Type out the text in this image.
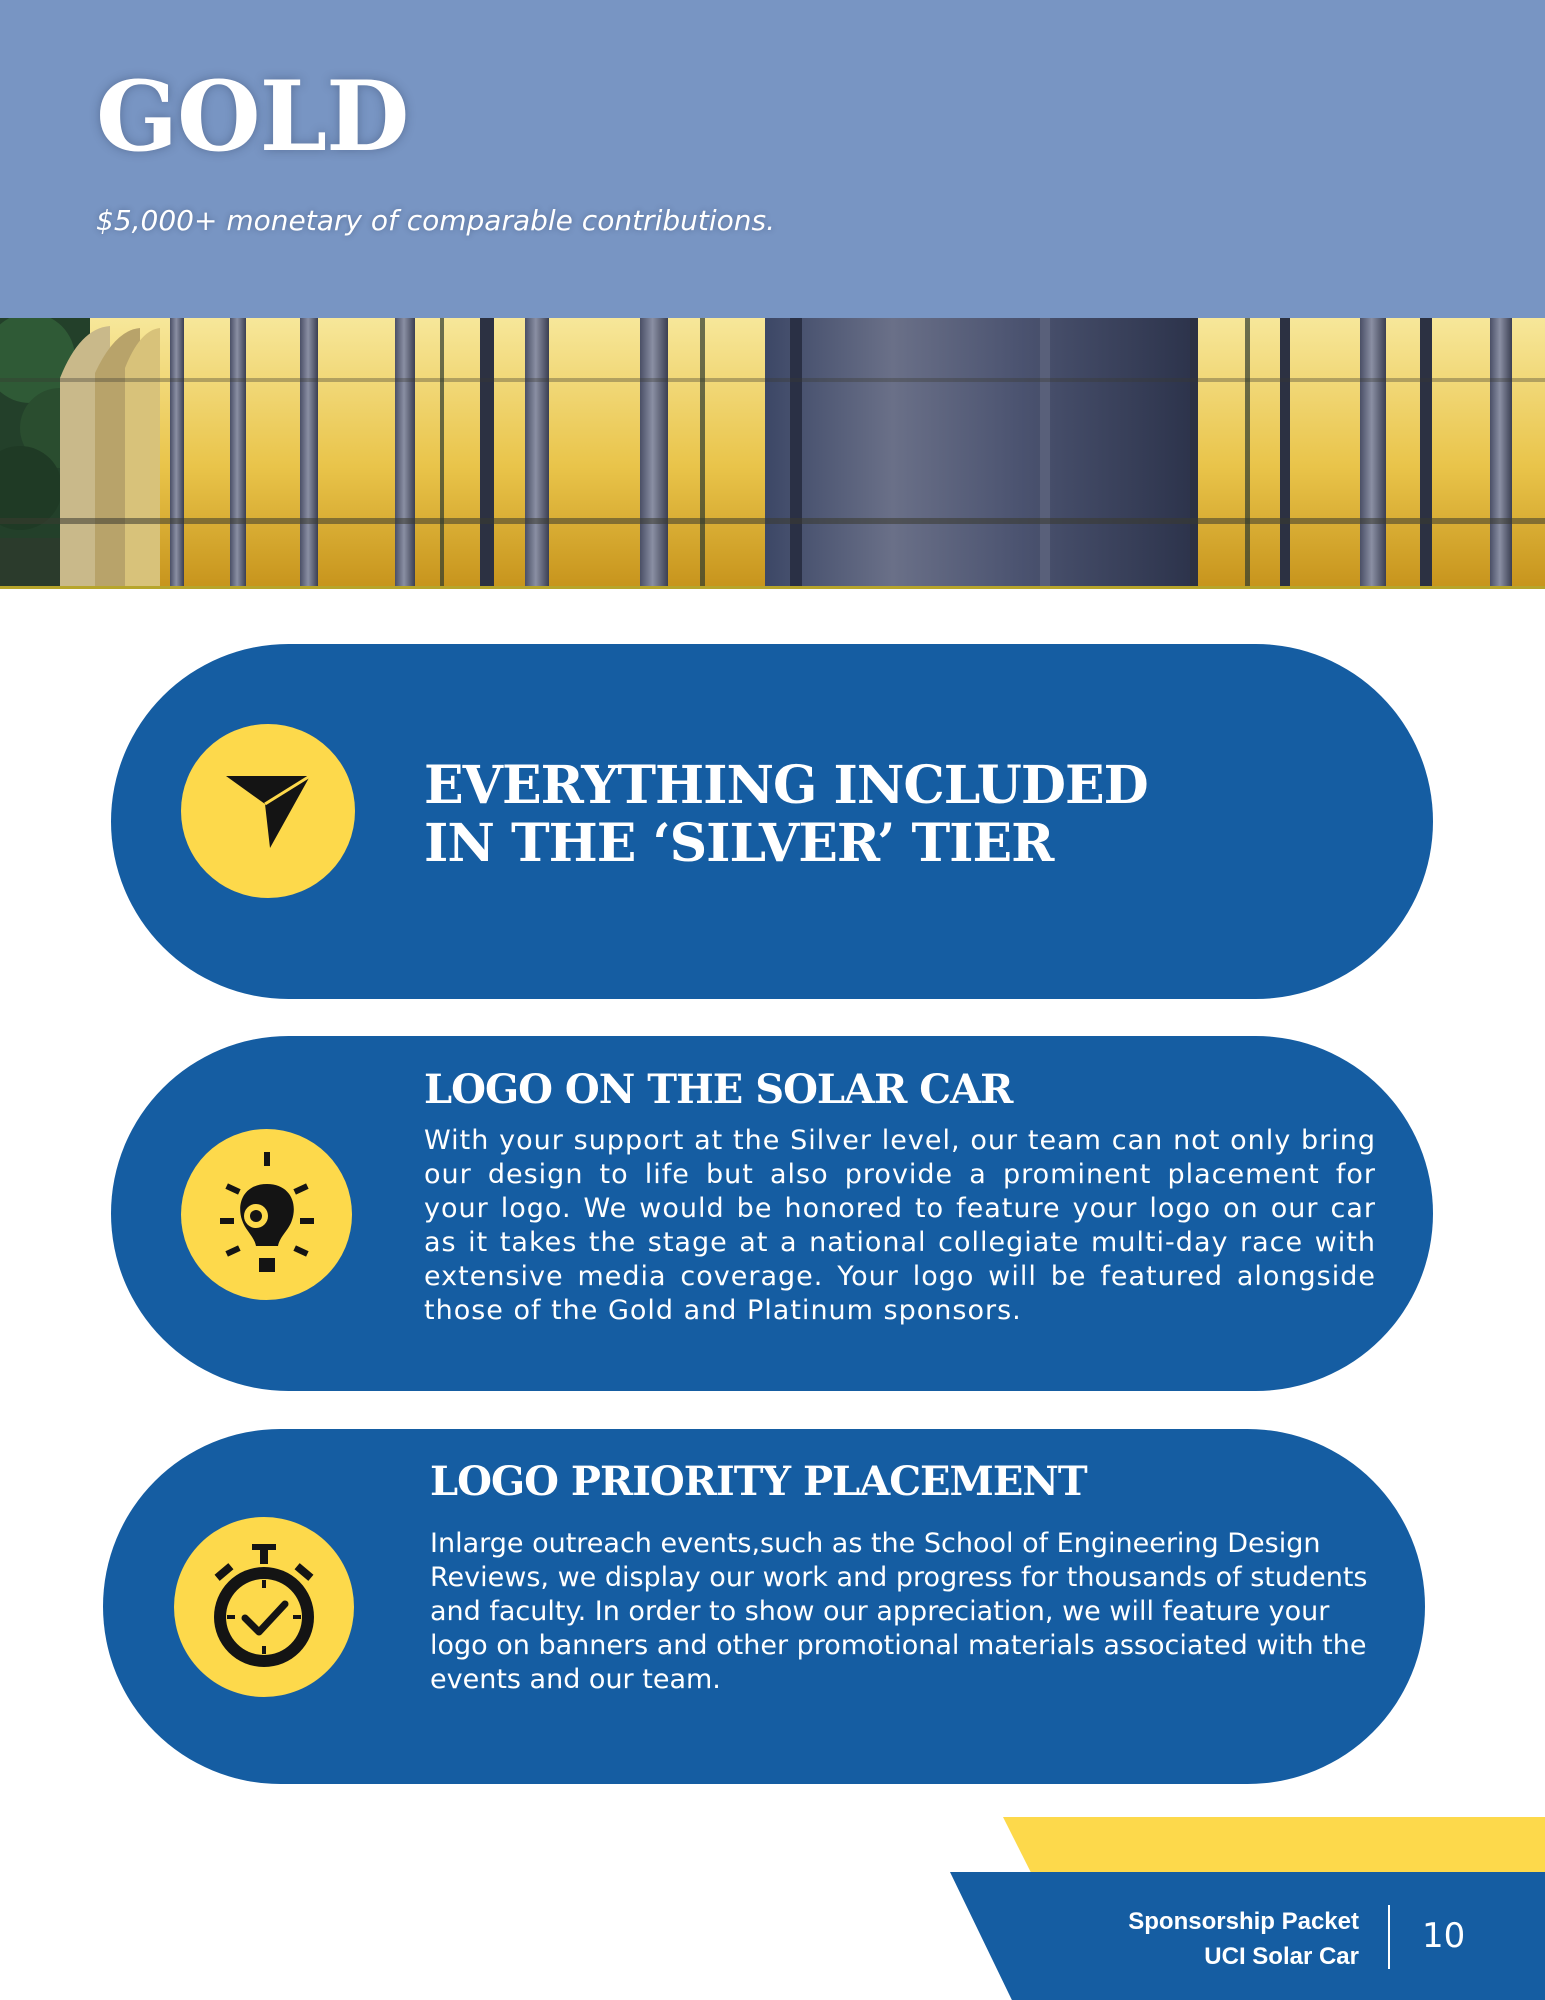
GOLD

$5,000+ monetary of comparable contributions.

EVERYTHING INCLUDED
IN THE ‘SILVER’ TIER
LOGO ON THE SOLAR CAR

With your support at the Silver level, our team can not only bring our design to life but also provide a prominent placement for your logo. We would be honored to feature your logo on our car as it takes the stage at a national collegiate multi-day race with extensive media coverage. Your logo will be featured alongside those of the Gold and Platinum sponsors.

LOGO PRIORITY PLACEMENT

Inlarge outreach events,such as the School of Engineering Design Reviews, we display our work and progress for thousands of students and faculty. In order to show our appreciation, we will feature your logo on banners and other promotional materials associated with the events and our team.

Sponsorship Packet

UCI Solar Car

10
